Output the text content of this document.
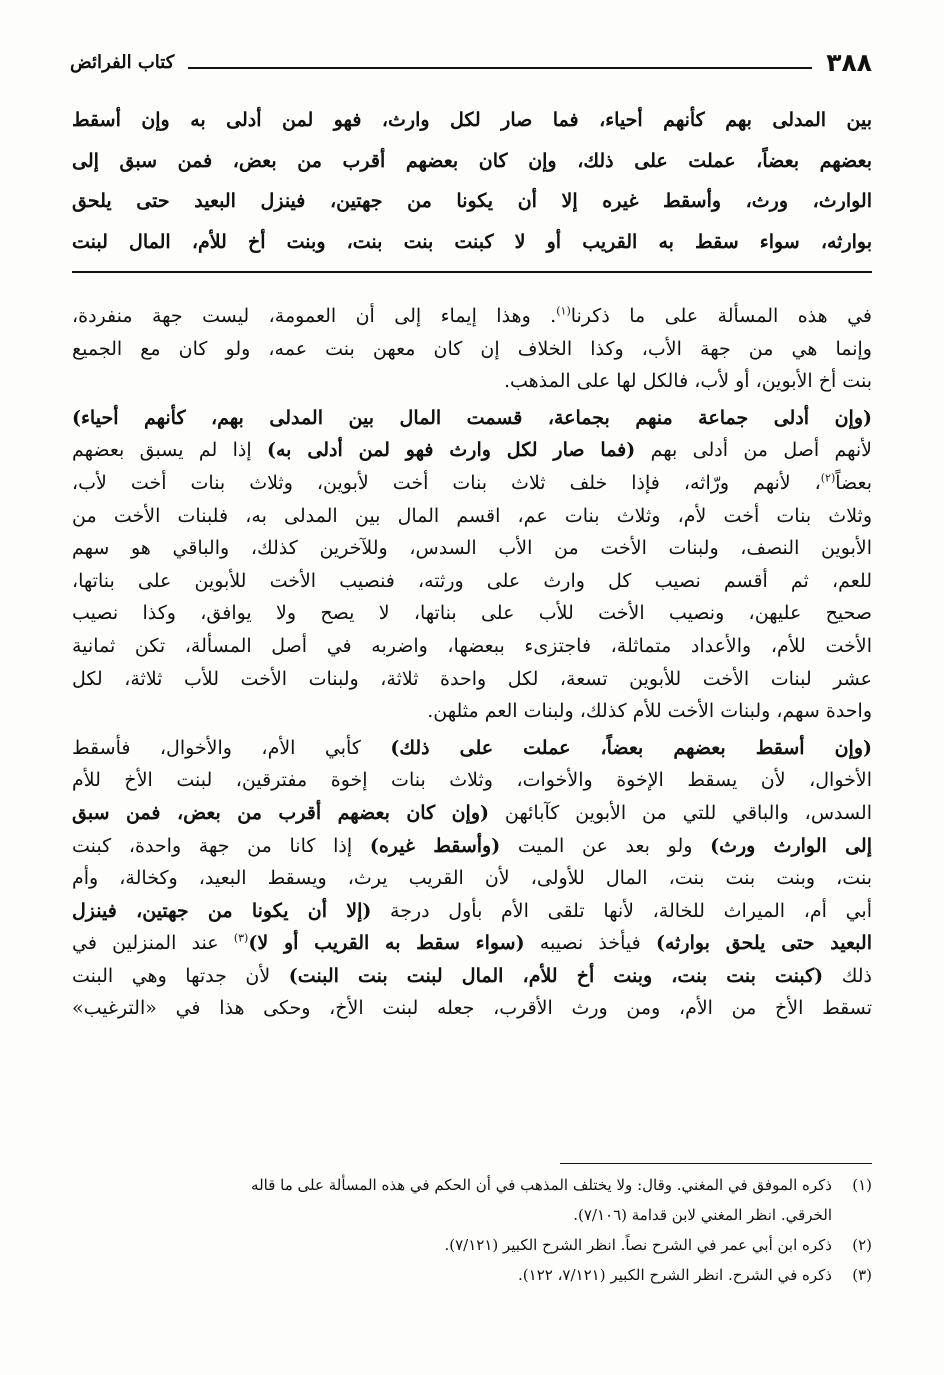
٣٨٨
كتاب الفرائض
بين المدلى بهم كأنهم أحياء، فما صار لكل وارث، فهو لمن أدلى به وإن أسقط
بعضهم بعضاً، عملت على ذلك، وإن كان بعضهم أقرب من بعض، فمن سبق إلى
الوارث، ورث، وأسقط غيره إلا أن يكونا من جهتين، فينزل البعيد حتى يلحق
بوارثه، سواء سقط به القريب أو لا كبنت بنت بنت، وبنت أخ للأم، المال لبنت
في هذه المسألة على ما ذكرنا$^{(١)}$. وهذا إيماء إلى أن العمومة، ليست جهة منفردة،
وإنما هي من جهة الأب، وكذا الخلاف إن كان معهن بنت عمه، ولو كان مع الجميع
بنت أخ الأبوين، أو لأب، فالكل لها على المذهب.
(وإن أدلى جماعة منهم بجماعة، قسمت المال بين المدلى بهم، كأنهم أحياء)
لأنهم أصل من أدلى بهم (فما صار لكل وارث فهو لمن أدلى به) إذا لم يسبق بعضهم
بعضاً$^{(٢)}$، لأنهم ورّاثه، فإذا خلف ثلاث بنات أخت لأبوين، وثلاث بنات أخت لأب،
وثلاث بنات أخت لأم، وثلاث بنات عم، اقسم المال بين المدلى به، فلبنات الأخت من
الأبوين النصف، ولبنات الأخت من الأب السدس، وللآخرين كذلك، والباقي هو سهم
للعم، ثم أقسم نصيب كل وارث على ورثته، فنصيب الأخت للأبوين على بناتها،
صحيح عليهن، ونصيب الأخت للأب على بناتها، لا يصح ولا يوافق، وكذا نصيب
الأخت للأم، والأعداد متماثلة، فاجتزىء ببعضها، واضربه في أصل المسألة، تكن ثمانية
عشر لبنات الأخت للأبوين تسعة، لكل واحدة ثلاثة، ولبنات الأخت للأب ثلاثة، لكل
واحدة سهم، ولبنات الأخت للأم كذلك، ولبنات العم مثلهن.
(وإن أسقط بعضهم بعضاً، عملت على ذلك) كأبي الأم، والأخوال، فأسقط
الأخوال، لأن يسقط الإخوة والأخوات، وثلاث بنات إخوة مفترقين، لبنت الأخ للأم
السدس، والباقي للتي من الأبوين كآبائهن (وإن كان بعضهم أقرب من بعض، فمن سبق
إلى الوارث ورث) ولو بعد عن الميت (وأسقط غيره) إذا كانا من جهة واحدة، كبنت
بنت، وبنت بنت بنت، المال للأولى، لأن القريب يرث، ويسقط البعيد، وكخالة، وأم
أبي أم، الميراث للخالة، لأنها تلقى الأم بأول درجة (إلا أن يكونا من جهتين، فينزل
البعيد حتى يلحق بوارثه) فيأخذ نصيبه (سواء سقط به القريب أو لا)$^{(٣)}$ عند المنزلين في
ذلك (كبنت بنت بنت، وبنت أخ للأم، المال لبنت بنت البنت) لأن جدتها وهي البنت
تسقط الأخ من الأم، ومن ورث الأقرب، جعله لبنت الأخ، وحكى هذا في «الترغيب»
(١)ذكره الموفق في المغني. وقال: ولا يختلف المذهب في أن الحكم في هذه المسألة على ما قاله
الخرقي. انظر المغني لابن قدامة (٧/١٠٦).
(٢)ذكره ابن أبي عمر في الشرح نصاً. انظر الشرح الكبير (٧/١٢١).
(٣)ذكره في الشرح. انظر الشرح الكبير (٧/١٢١، ١٢٢).
